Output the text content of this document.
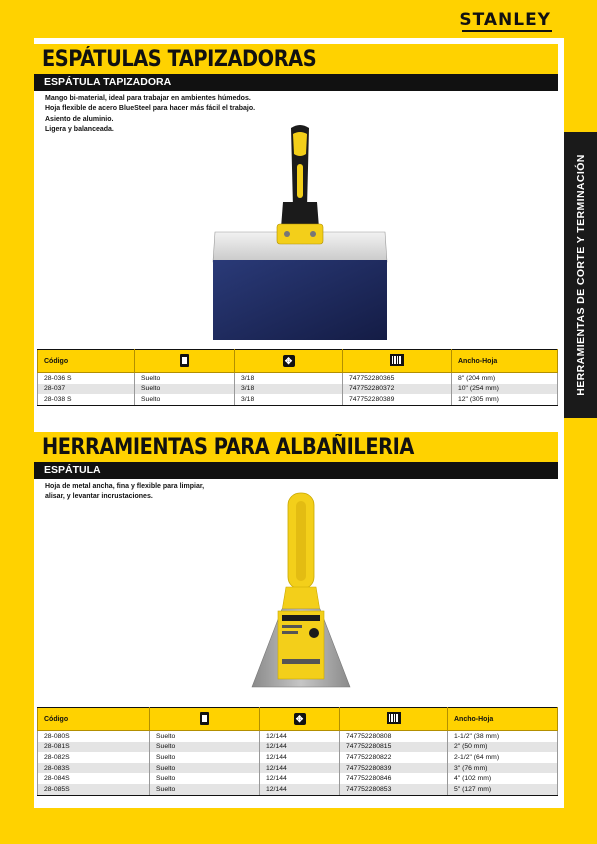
STANLEY
HERRAMIENTAS DE CORTE Y TERMINACIÓN
ESPÁTULAS TAPIZADORAS
ESPÁTULA TAPIZADORA
Mango bi-material, ideal para trabajar en ambientes húmedos.
Hoja flexible de acero BlueSteel para hacer más fácil el trabajo.
Asiento de aluminio.
Ligera y balanceada.
Código		✥		Ancho-Hoja
28-036 S	Suelto	3/18	747752280365	8" (204 mm)
28-037	Suelto	3/18	747752280372	10" (254 mm)
28-038 S	Suelto	3/18	747752280389	12" (305 mm)
HERRAMIENTAS PARA ALBAÑILERIA
ESPÁTULA
Hoja de metal ancha, fina y flexible para limpiar,
alisar, y levantar incrustaciones.
Código		✥		Ancho-Hoja
28-080S	Suelto	12/144	747752280808	1-1/2" (38 mm)
28-081S	Suelto	12/144	747752280815	2" (50 mm)
28-082S	Suelto	12/144	747752280822	2-1/2" (64 mm)
28-083S	Suelto	12/144	747752280839	3" (76 mm)
28-084S	Suelto	12/144	747752280846	4" (102 mm)
28-085S	Suelto	12/144	747752280853	5" (127 mm)
